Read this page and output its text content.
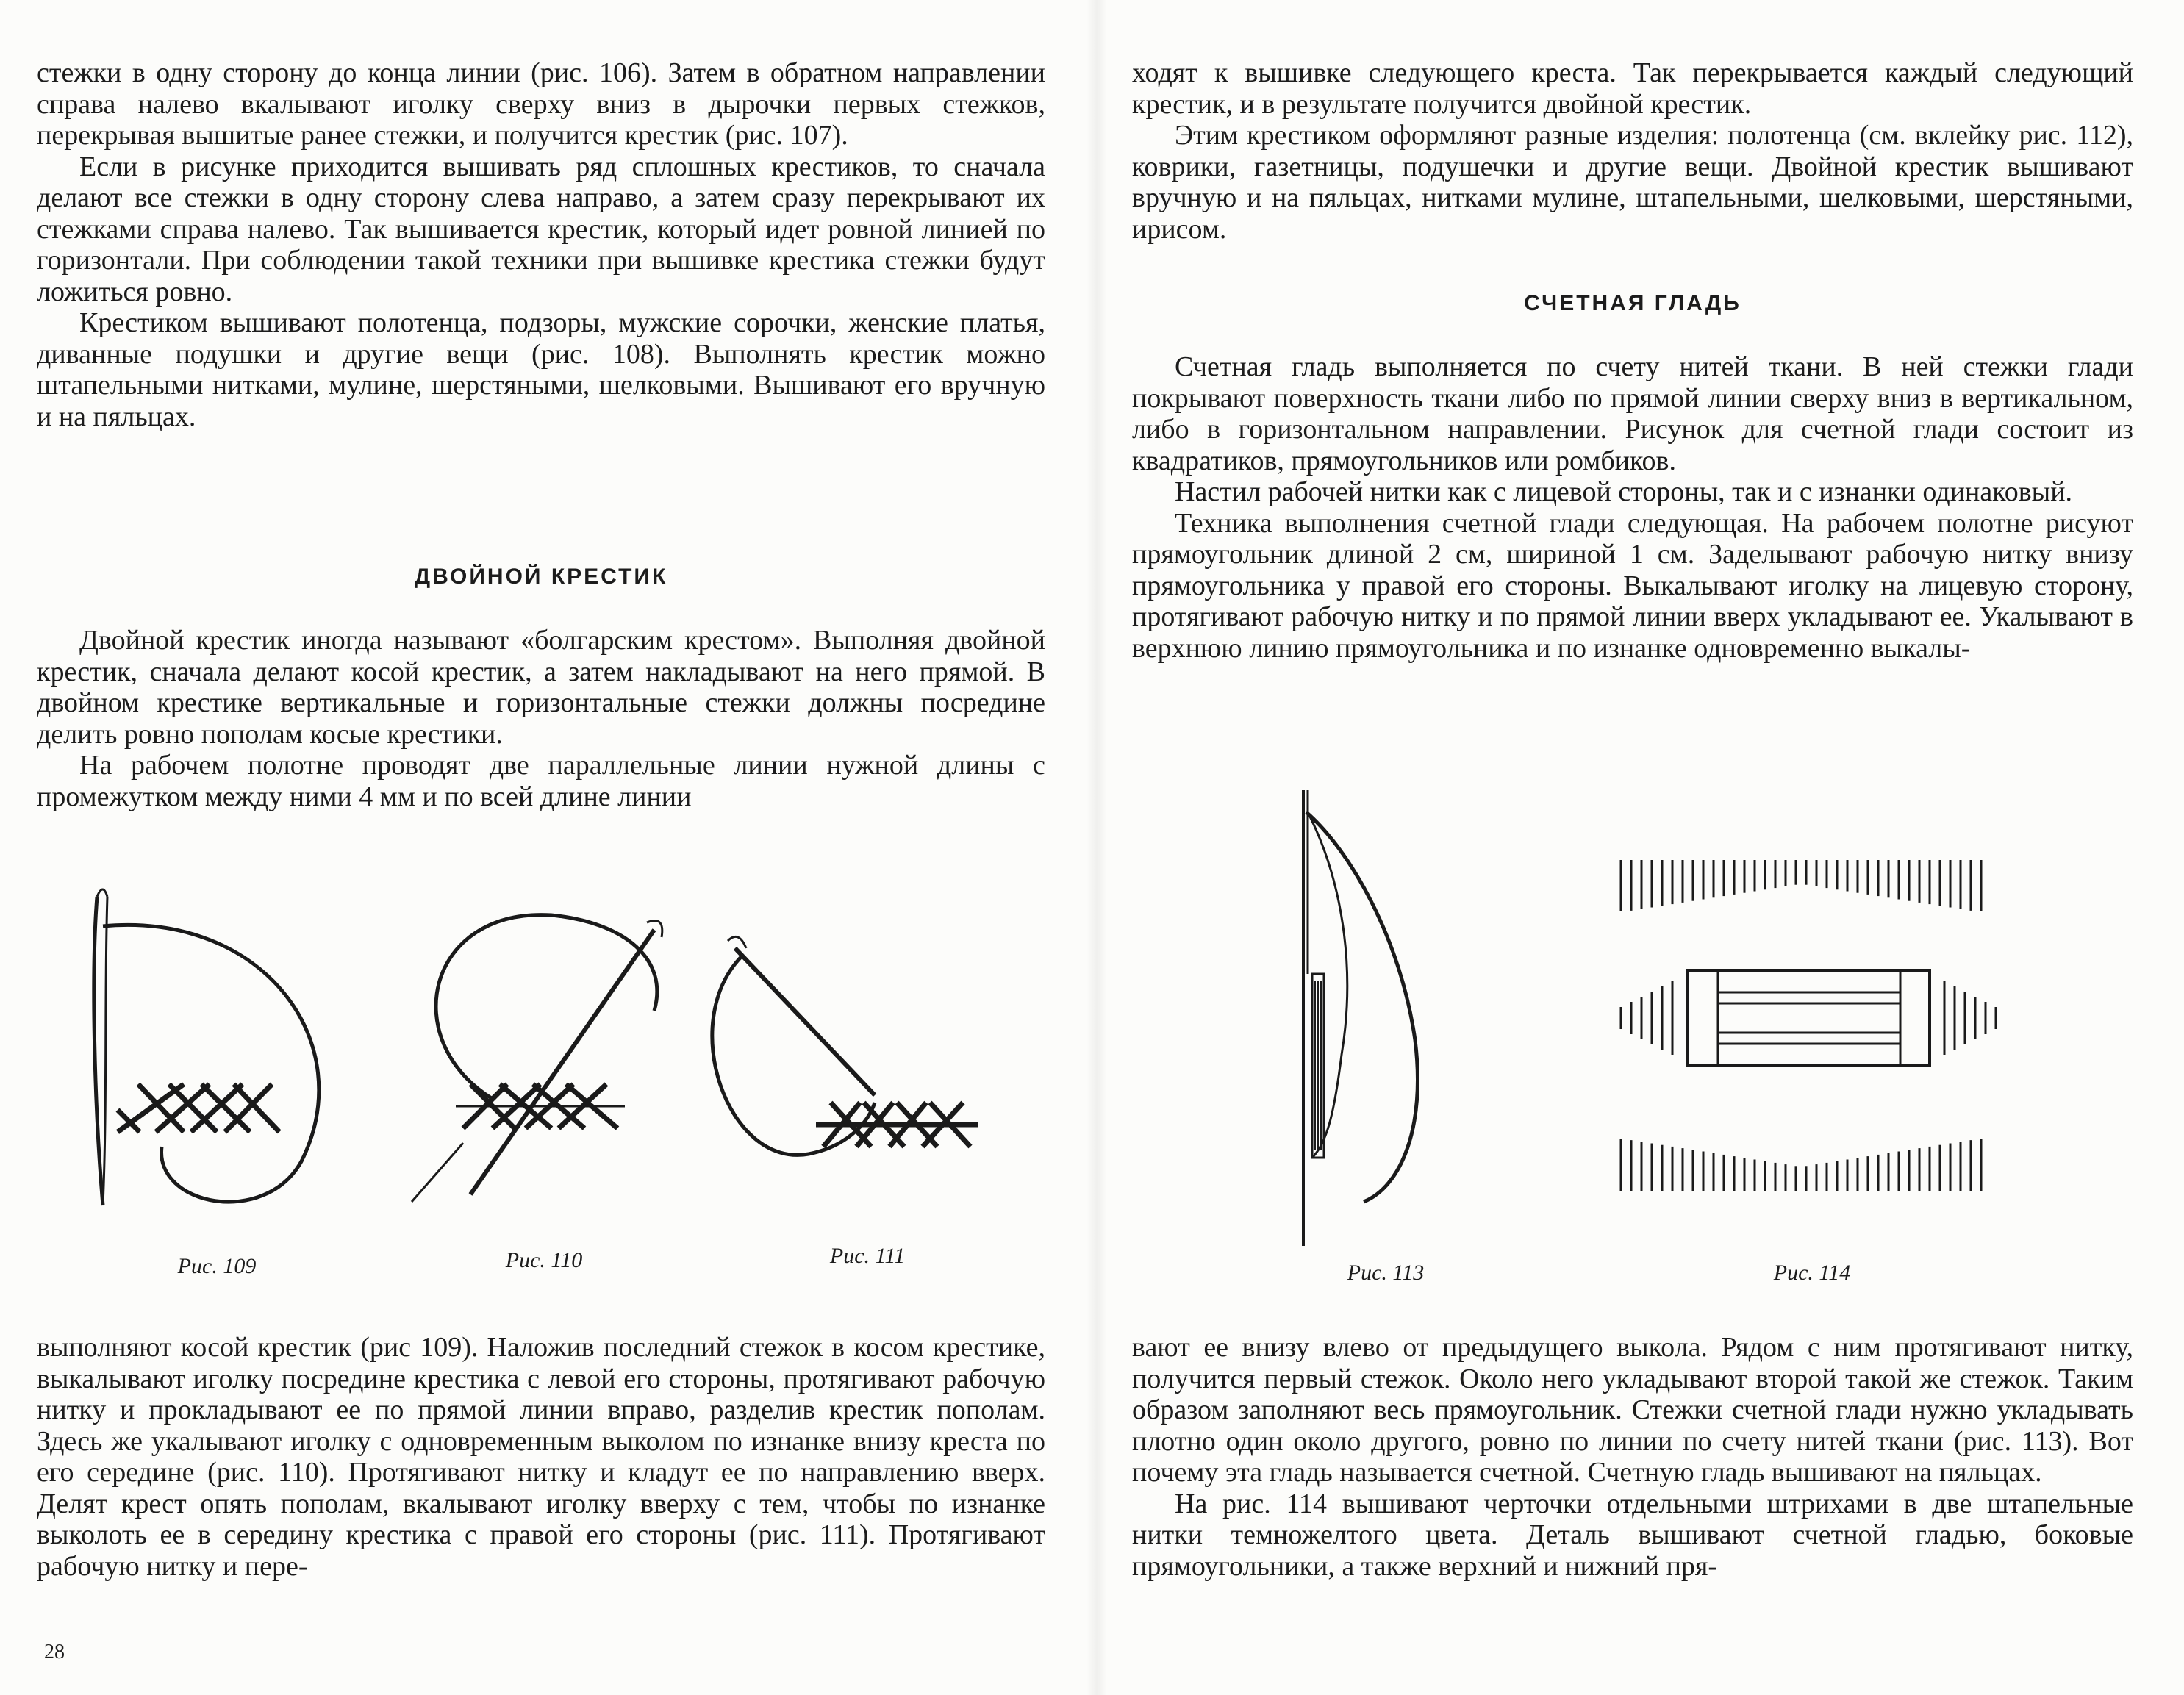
стежки в одну сторону до конца линии (рис. 106). Затем в обратном направлении справа налево вкалывают иголку сверху вниз в дырочки первых стежков, перекрывая вышитые ранее стежки, и получится крестик (рис. 107).

Если в рисунке приходится вышивать ряд сплошных крестиков, то сначала делают все стежки в одну сторону слева направо, а затем сразу перекрывают их стежками справа налево. Так вышивается крестик, который идет ровной линией по горизонтали. При соблюдении такой техники при вышивке крестика стежки будут ложиться ровно.

Крестиком вышивают полотенца, подзоры, мужские сорочки, женские платья, диванные подушки и другие вещи (рис. 108). Выполнять крестик можно штапельными нитками, мулине, шерстяными, шелковыми. Вышивают его вручную и на пяльцах.

ДВОЙНОЙ КРЕСТИК

Двойной крестик иногда называют «болгарским крестом». Выполняя двойной крестик, сначала делают косой крестик, а затем накладывают на него прямой. В двойном крестике вертикальные и горизонтальные стежки должны посредине делить ровно пополам косые крестики.

На рабочем полотне проводят две параллельные линии нужной длины с промежутком между ними 4 мм и по всей длине линии

Рис. 109	Рис. 110	Рис. 111

выполняют косой крестик (рис 109). Наложив последний стежок в косом крестике, выкалывают иголку посредине крестика с левой его стороны, протягивают рабочую нитку и прокладывают ее по прямой линии вправо, разделив крестик пополам. Здесь же укалывают иголку с одновременным выколом по изнанке внизу креста по его середине (рис. 110). Протягивают нитку и кладут ее по направлению вверх. Делят крест опять пополам, вкалывают иголку вверху с тем, чтобы по изнанке выколоть ее в середину крестика с правой его стороны (рис. 111). Протягивают рабочую нитку и пере-

28

ходят к вышивке следующего креста. Так перекрывается каждый следующий крестик, и в результате получится двойной крестик.

Этим крестиком оформляют разные изделия: полотенца (см. вклейку рис. 112), коврики, газетницы, подушечки и другие вещи. Двойной крестик вышивают вручную и на пяльцах, нитками мулине, штапельными, шелковыми, шерстяными, ирисом.

СЧЕТНАЯ ГЛАДЬ

Счетная гладь выполняется по счету нитей ткани. В ней стежки глади покрывают поверхность ткани либо по прямой линии сверху вниз в вертикальном, либо в горизонтальном направлении. Рисунок для счетной глади состоит из квадратиков, прямоугольников или ромбиков.

Настил рабочей нитки как с лицевой стороны, так и с изнанки одинаковый.

Техника выполнения счетной глади следующая. На рабочем полотне рисуют прямоугольник длиной 2 см, шириной 1 см. Заделывают рабочую нитку внизу прямоугольника у правой его стороны. Выкалывают иголку на лицевую сторону, протягивают рабочую нитку и по прямой линии вверх укладывают ее. Укалывают в верхнюю линию прямоугольника и по изнанке одновременно выкалы-

Рис. 113	Рис. 114

вают ее внизу влево от предыдущего выкола. Рядом с ним протягивают нитку, получится первый стежок. Около него укладывают второй такой же стежок. Таким образом заполняют весь прямоугольник. Стежки счетной глади нужно укладывать плотно один около другого, ровно по линии по счету нитей ткани (рис. 113). Вот почему эта гладь называется счетной. Счетную гладь вышивают на пяльцах.

На рис. 114 вышивают черточки отдельными штрихами в две штапельные нитки темножелтого цвета. Деталь вышивают счетной гладью, боковые прямоугольники, а также верхний и нижний пря-
